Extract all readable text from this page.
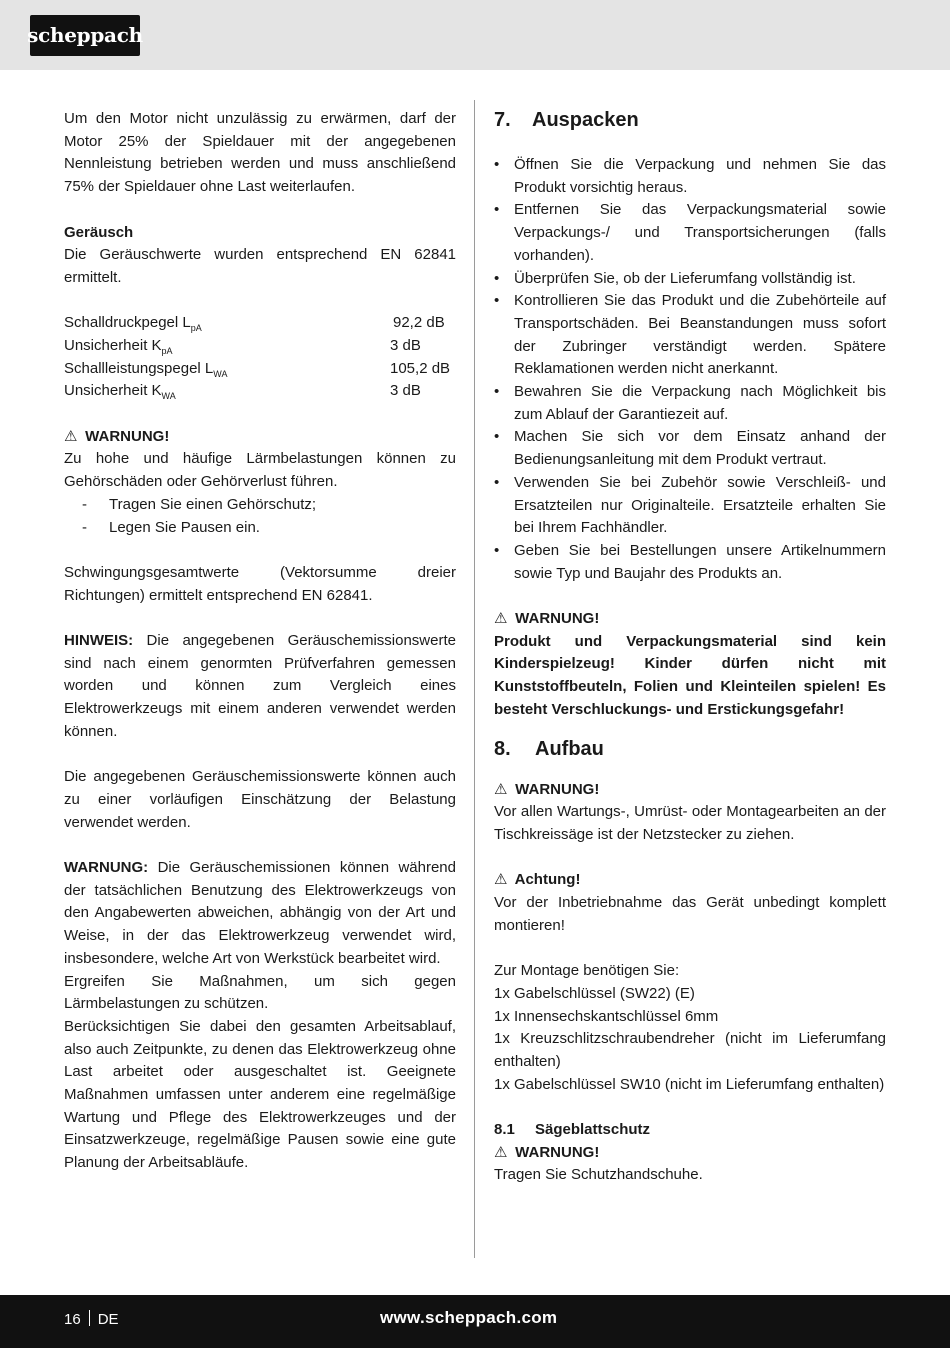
scheppach

Um den Motor nicht unzulässig zu erwärmen, darf der Motor 25% der Spieldauer mit der angegebenen Nennleistung betrieben werden und muss anschließend 75% der Spieldauer ohne Last weiterlaufen.

Geräusch

Die Geräuschwerte wurden entsprechend EN 62841 ermittelt.

Schalldruckpegel $L_{pA}$	92,2 dB
Unsicherheit $K_{pA}$	3 dB
Schallleistungspegel $L_{WA}$	105,2 dB
Unsicherheit $K_{WA}$	3 dB

⚠ WARNUNG!

Zu hohe und häufige Lärmbelastungen können zu Gehörschäden oder Gehörverlust führen.

-	Tragen Sie einen Gehörschutz;
-	Legen Sie Pausen ein.

Schwingungsgesamtwerte (Vektorsumme dreier Richtungen) ermittelt entsprechend EN 62841.

HINWEIS: Die angegebenen Geräuschemissionswerte sind nach einem genormten Prüfverfahren gemessen worden und können zum Vergleich eines Elektrowerkzeugs mit einem anderen verwendet werden können.

Die angegebenen Geräuschemissionswerte können auch zu einer vorläufigen Einschätzung der Belastung verwendet werden.

WARNUNG: Die Geräuschemissionen können während der tatsächlichen Benutzung des Elektrowerkzeugs von den Angabewerten abweichen, abhängig von der Art und Weise, in der das Elektrowerkzeug verwendet wird, insbesondere, welche Art von Werkstück bearbeitet wird.

Ergreifen Sie Maßnahmen, um sich gegen Lärmbelastungen zu schützen.

Berücksichtigen Sie dabei den gesamten Arbeitsablauf, also auch Zeitpunkte, zu denen das Elektrowerkzeug ohne Last arbeitet oder ausgeschaltet ist. Geeignete Maßnahmen umfassen unter anderem eine regelmäßige Wartung und Pflege des Elektrowerkzeuges und der Einsatzwerkzeuge, regelmäßige Pausen sowie eine gute Planung der Arbeitsabläufe.

7. Auspacken
• Öffnen Sie die Verpackung und nehmen Sie das Produkt vorsichtig heraus.
• Entfernen Sie das Verpackungsmaterial sowie Verpackungs-/ und Transportsicherungen (falls vorhanden).
• Überprüfen Sie, ob der Lieferumfang vollständig ist.
• Kontrollieren Sie das Produkt und die Zubehörteile auf Transportschäden. Bei Beanstandungen muss sofort der Zubringer verständigt werden. Spätere Reklamationen werden nicht anerkannt.
• Bewahren Sie die Verpackung nach Möglichkeit bis zum Ablauf der Garantiezeit auf.
• Machen Sie sich vor dem Einsatz anhand der Bedienungsanleitung mit dem Produkt vertraut.
• Verwenden Sie bei Zubehör sowie Verschleiß- und Ersatzteilen nur Originalteile. Ersatzteile erhalten Sie bei Ihrem Fachhändler.
• Geben Sie bei Bestellungen unsere Artikelnummern sowie Typ und Baujahr des Produkts an.

⚠ WARNUNG!

Produkt und Verpackungsmaterial sind kein Kinderspielzeug! Kinder dürfen nicht mit Kunststoffbeuteln, Folien und Kleinteilen spielen! Es besteht Verschluckungs- und Erstickungsgefahr!

8. Aufbau

⚠ WARNUNG!

Vor allen Wartungs-, Umrüst- oder Montagearbeiten an der Tischkreissäge ist der Netzstecker zu ziehen.

⚠ Achtung!

Vor der Inbetriebnahme das Gerät unbedingt komplett montieren!

Zur Montage benötigen Sie:

1x Gabelschlüssel (SW22) (E)

1x Innensechskantschlüssel 6mm

1x Kreuzschlitzschraubendreher (nicht im Lieferumfang enthalten)

1x Gabelschlüssel SW10 (nicht im Lieferumfang enthalten)

8.1 Sägeblattschutz

⚠ WARNUNG!

Tragen Sie Schutzhandschuhe.

16 DE	www.scheppach.com
